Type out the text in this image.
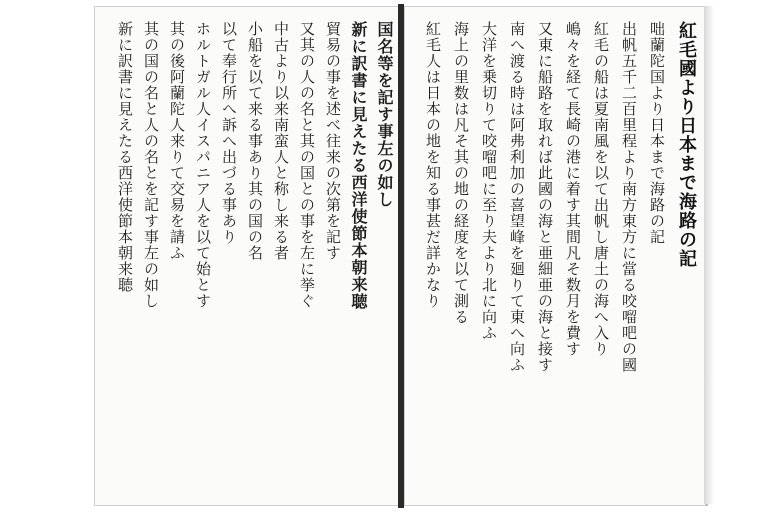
国名等を記す事左の如し
新に訳書に見えたる西洋使節本朝来聴
貿易の事を述べ往来の次第を記す
又其の人の名と其の国との事を左に挙ぐ
中古より以来南蛮人と称し来る者
小船を以て来る事あり其の国の名
以て奉行所へ訴へ出づる事あり
ホルトガル人イスパニア人を以て始とす
其の後阿蘭陀人来りて交易を請ふ
其の国の名と人の名とを記す事左の如し
新に訳書に見えたる西洋使節本朝来聴	紅毛國より日本まで海路の記
咄蘭陀国より日本まで海路の記
出帆五千二百里程より南方東方に當る咬𠺕吧の國
紅毛の船は夏南風を以て出帆し唐土の海へ入り
嶋々を経て長崎の港に着す其間凡そ数月を費す
又東に船路を取れば此國の海と亜細亜の海と接す
南へ渡る時は阿弗利加の喜望峰を廻りて東へ向ふ
大洋を乗切りて咬𠺕吧に至り夫より北に向ふ
海上の里数は凡そ其の地の経度を以て測る
紅毛人は日本の地を知る事甚だ詳かなり
